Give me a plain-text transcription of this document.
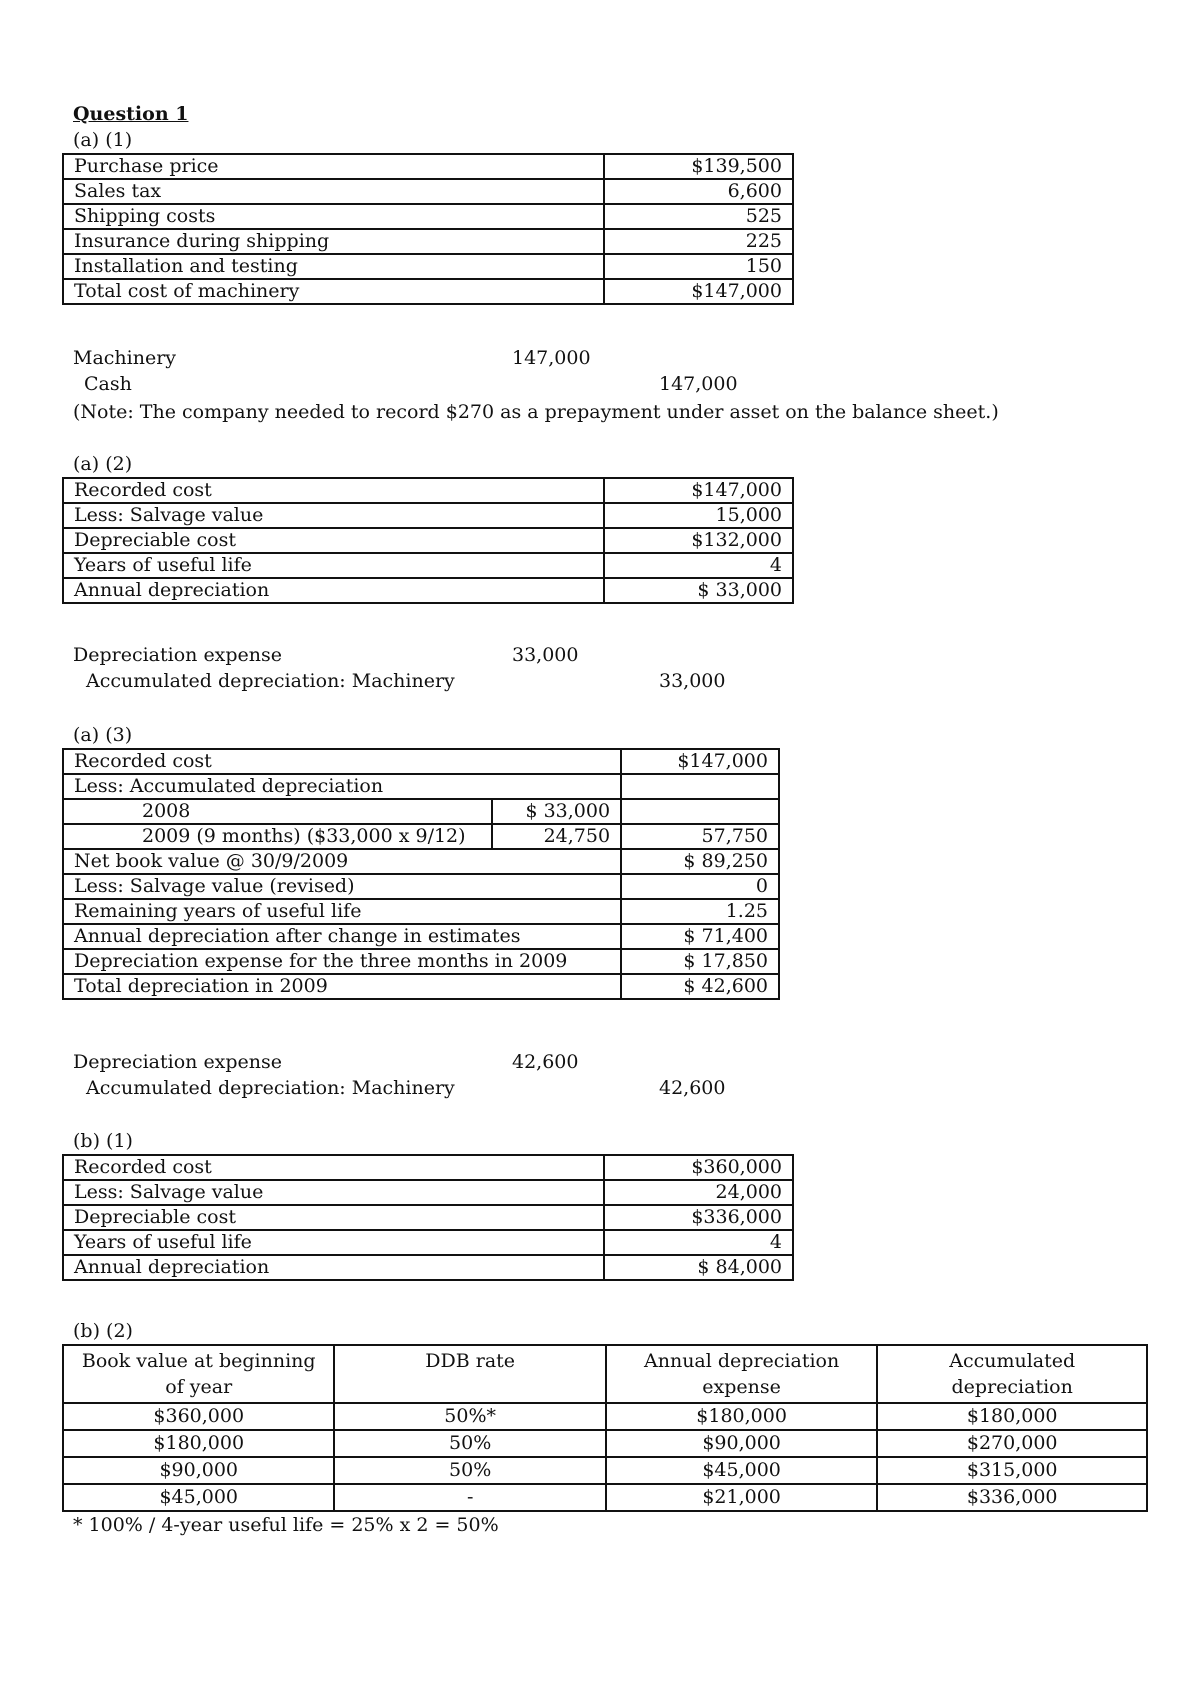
Question 1
(a) (1)
Purchase price	$139,500
Sales tax	6,600
Shipping costs	525
Insurance during shipping	225
Installation and testing	150
Total cost of machinery	$147,000
Machinery	147,000
Cash	147,000
(Note: The company needed to record $270 as a prepayment under asset on the balance sheet.)
(a) (2)
Recorded cost	$147,000
Less: Salvage value	15,000
Depreciable cost	$132,000
Years of useful life	4
Annual depreciation	$ 33,000
Depreciation expense	33,000
Accumulated depreciation: Machinery	33,000
(a) (3)
Recorded cost		$147,000
Less: Accumulated depreciation		
2008	$ 33,000	
2009 (9 months) ($33,000 x 9/12)	24,750	57,750
Net book value @ 30/9/2009		$ 89,250
Less: Salvage value (revised)		0
Remaining years of useful life		1.25
Annual depreciation after change in estimates		$ 71,400
Depreciation expense for the three months in 2009		$ 17,850
Total depreciation in 2009		$ 42,600
Depreciation expense	42,600
Accumulated depreciation: Machinery	42,600
(b) (1)
Recorded cost	$360,000
Less: Salvage value	24,000
Depreciable cost	$336,000
Years of useful life	4
Annual depreciation	$ 84,000
(b) (2)
Book value at beginning of year	DDB rate	Annual depreciation expense	Accumulated depreciation
$360,000	50%*	$180,000	$180,000
$180,000	50%	$90,000	$270,000
$90,000	50%	$45,000	$315,000
$45,000	-	$21,000	$336,000
* 100% / 4-year useful life = 25% x 2 = 50%
